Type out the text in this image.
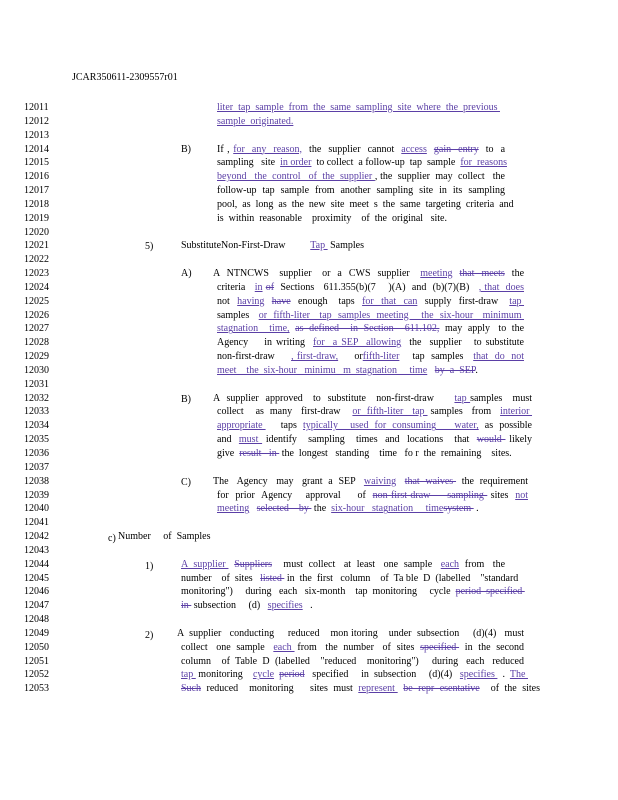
JCAR350611-2309557r01
12011
12012
12013
12014
12015
12016
12017
12018
12019
12020
12021
12022
12023
12024
12025
12026
12027
12028
12029
12030
12031
12032
12033
12034
12035
12036
12037
12038
12039
12040
12041
12042
12043
12044
12045
12046
12047
12048
12049
12050
12051
12052
12053
liter  tap  sample  from  the  same  sampling  site  where  the  previous
sample  originated.
If , for  any  reason,  the  supplier  cannot  access gain  entry  to  a
sampling   site  in order  to collect  a follow-up  tap  sample  for  reasons
beyond   the  control   of  the  supplier , the  supplier  may  collect   the
follow-up  tap  sample  from  another  sampling  site  in  its  sampling
pool,  as  long  as  the  new  site  meet  s  the  same  targeting  criteria  and
is  within  reasonable    proximity    of  the  original   site.
SubstituteNon-First-Draw          Tap  Samples
A  NTNCWS   supplier   or  a  CWS  supplier   meeting that  meets  the
criteria   in of  Sections   611.355(b)(7    )(A)  and  (b)(7)(B)   , that  does
not  having have  enough   taps  for  that  can  supply  first-draw   tap
samples   or  fifth-liter   tap  samples  meeting    the  six-hour   minimum
stagnation    time, as  defined    in  Section    611.102,  may  apply   to  the
Agency    in writing  for  a SEP  allowing  the  supplier   to substitute
non-first-draw     , first-draw,     orfifth-liter    tap  samples   that  do  not
meet    the  six-hour   minimu   m  stagnation     time by  a  SEP.
A  supplier  approved   to  substitute   non-first-draw      tap samples   must
collect    as  many   first-draw    or  fifth-liter   tap  samples   from   interior
appropriate      taps  typically    used  for  consuming      water,  as  possible
and  must  identify   sampling   times  and  locations   that  would  likely
give  result   in  the  longest   standing    time   fo r  the  remaining    sites.
The   Agency   may   grant  a  SEP   waiving that  waives   the  requirement
for  prior  Agency    approval     of  non-first-draw     sampling  sites  not
meeting selected    by  the  six-hour   stagnation     timesystem  .
Number     of  Samples
A  supplier   Suppliers    must  collect   at  least   one  sample   each  from   the
number    of  sites   listed  in  the  first   column    of  Ta ble  D  (labelled    "standard
monitoring")     during   each   six-month    tap  monitoring     cycle  period  specified
in  subsection     (d)   specifies   .
A  supplier   conducting     reduced    mon itoring    under  subsection     (d)(4)   must
collect   one  sample   each  from   the  number   of  sites  specified   in  the  second
column    of  Table  D  (labelled    "reduced    monitoring")     during   each   reduced
tap  monitoring    cycle period   specified     in  subsection     (d)(4)   specifies   .  The
Such  reduced    monitoring      sites  must  represent   be  repr  esentative    of  the  sites
B)
5)
A)
B)
C)
c)
1)
2)
